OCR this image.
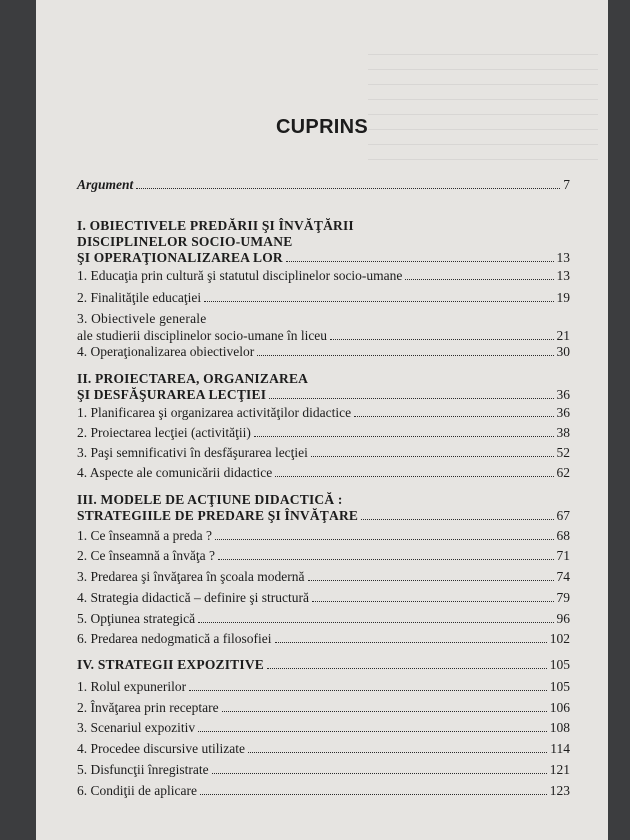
CUPRINS
Argument	7
I. OBIECTIVELE PREDĂRII ŞI ÎNVĂŢĂRII
DISCIPLINELOR SOCIO-UMANE
ŞI OPERAŢIONALIZAREA LOR	13
1. Educaţia prin cultură şi statutul disciplinelor socio-umane	13
2. Finalităţile educaţiei	19
3. Obiectivele generale
ale studierii disciplinelor socio-umane în liceu	21
4. Operaţionalizarea obiectivelor	30
II. PROIECTAREA, ORGANIZAREA
ŞI DESFĂŞURAREA LECŢIEI	36
1. Planificarea şi organizarea activităţilor didactice	36
2. Proiectarea lecţiei (activităţii)	38
3. Paşi semnificativi în desfăşurarea lecţiei	52
4. Aspecte ale comunicării didactice	62
III. MODELE DE ACŢIUNE DIDACTICĂ :
STRATEGIILE DE PREDARE ŞI ÎNVĂŢARE	67
1. Ce înseamnă a preda ?	68
2. Ce înseamnă a învăţa ?	71
3. Predarea şi învăţarea în şcoala modernă	74
4. Strategia didactică – definire şi structură	79
5. Opţiunea strategică	96
6. Predarea nedogmatică a filosofiei	102
IV. STRATEGII EXPOZITIVE	105
1. Rolul expunerilor	105
2. Învăţarea prin receptare	106
3. Scenariul expozitiv	108
4. Procedee discursive utilizate	114
5. Disfuncţii înregistrate	121
6. Condiţii de aplicare	123
